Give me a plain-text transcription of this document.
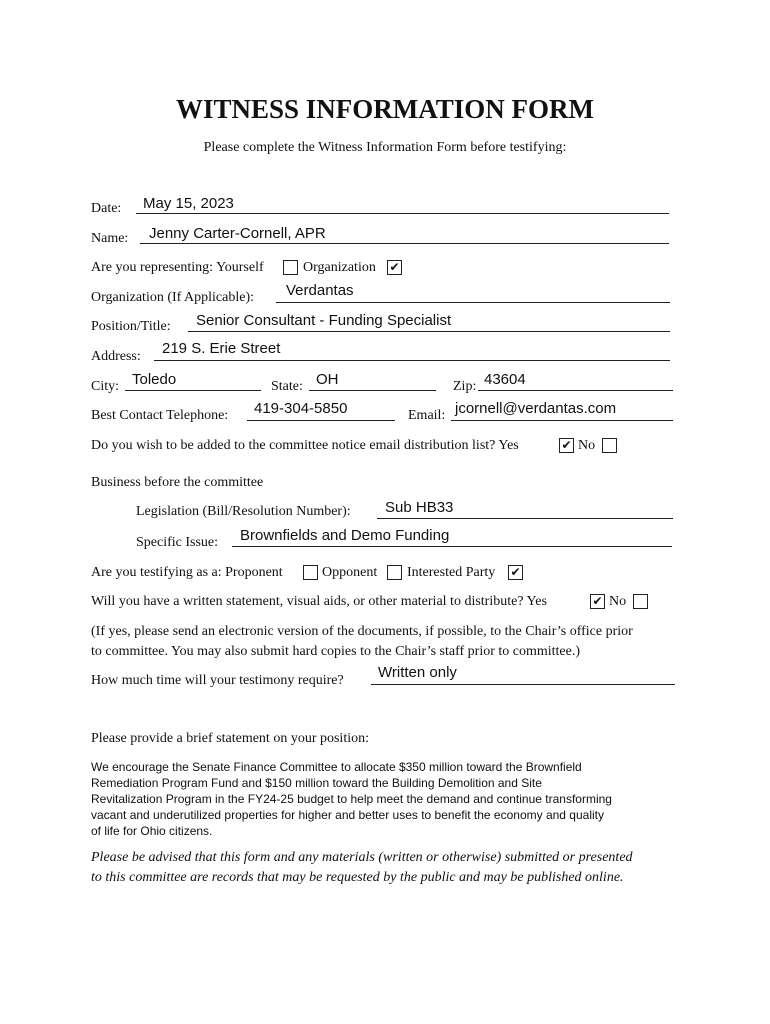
WITNESS INFORMATION FORM
Please complete the Witness Information Form before testifying:
Date: May 15, 2023
Name: Jenny Carter-Cornell, APR
Are you representing: Yourself	Organization ✔
Organization (If Applicable): Verdantas
Position/Title: Senior Consultant - Funding Specialist
Address: 219 S. Erie Street
City: Toledo	State: OH	Zip: 43604
Best Contact Telephone: 419-304-5850	Email: jcornell@verdantas.com
Do you wish to be added to the committee notice email distribution list? Yes	✔ No
Business before the committee
Legislation (Bill/Resolution Number): Sub HB33
Specific Issue: Brownfields and Demo Funding
Are you testifying as a: Proponent	Opponent Interested Party ✔
Will you have a written statement, visual aids, or other material to distribute? Yes	✔ No
(If yes, please send an electronic version of the documents, if possible, to the Chair’s office prior
to committee. You may also submit hard copies to the Chair’s staff prior to committee.)
How much time will your testimony require? Written only
Please provide a brief statement on your position:
We encourage the Senate Finance Committee to allocate $350 million toward the Brownfield
Remediation Program Fund and $150 million toward the Building Demolition and Site
Revitalization Program in the FY24-25 budget to help meet the demand and continue transforming
vacant and underutilized properties for higher and better uses to benefit the economy and quality
of life for Ohio citizens.
Please be advised that this form and any materials (written or otherwise) submitted or presented
to this committee are records that may be requested by the public and may be published online.
